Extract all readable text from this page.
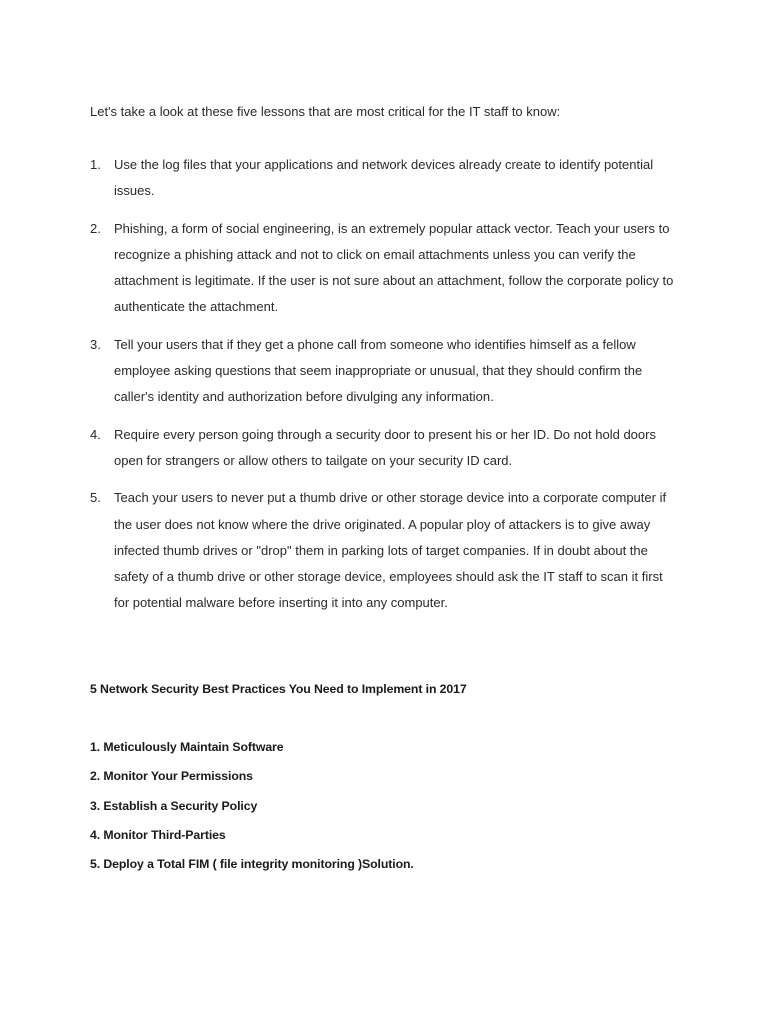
Let's take a look at these five lessons that are most critical for the IT staff to know:

1. Use the log files that your applications and network devices already create to identify potential issues.
2. Phishing, a form of social engineering, is an extremely popular attack vector. Teach your users to recognize a phishing attack and not to click on email attachments unless you can verify the attachment is legitimate. If the user is not sure about an attachment, follow the corporate policy to authenticate the attachment.
3. Tell your users that if they get a phone call from someone who identifies himself as a fellow employee asking questions that seem inappropriate or unusual, that they should confirm the caller's identity and authorization before divulging any information.
4. Require every person going through a security door to present his or her ID. Do not hold doors open for strangers or allow others to tailgate on your security ID card.
5. Teach your users to never put a thumb drive or other storage device into a corporate computer if the user does not know where the drive originated. A popular ploy of attackers is to give away infected thumb drives or "drop" them in parking lots of target companies. If in doubt about the safety of a thumb drive or other storage device, employees should ask the IT staff to scan it first for potential malware before inserting it into any computer.

5 Network Security Best Practices You Need to Implement in 2017

1. Meticulously Maintain Software
2. Monitor Your Permissions
3. Establish a Security Policy
4. Monitor Third-Parties
5. Deploy a Total FIM ( file integrity monitoring )Solution.
